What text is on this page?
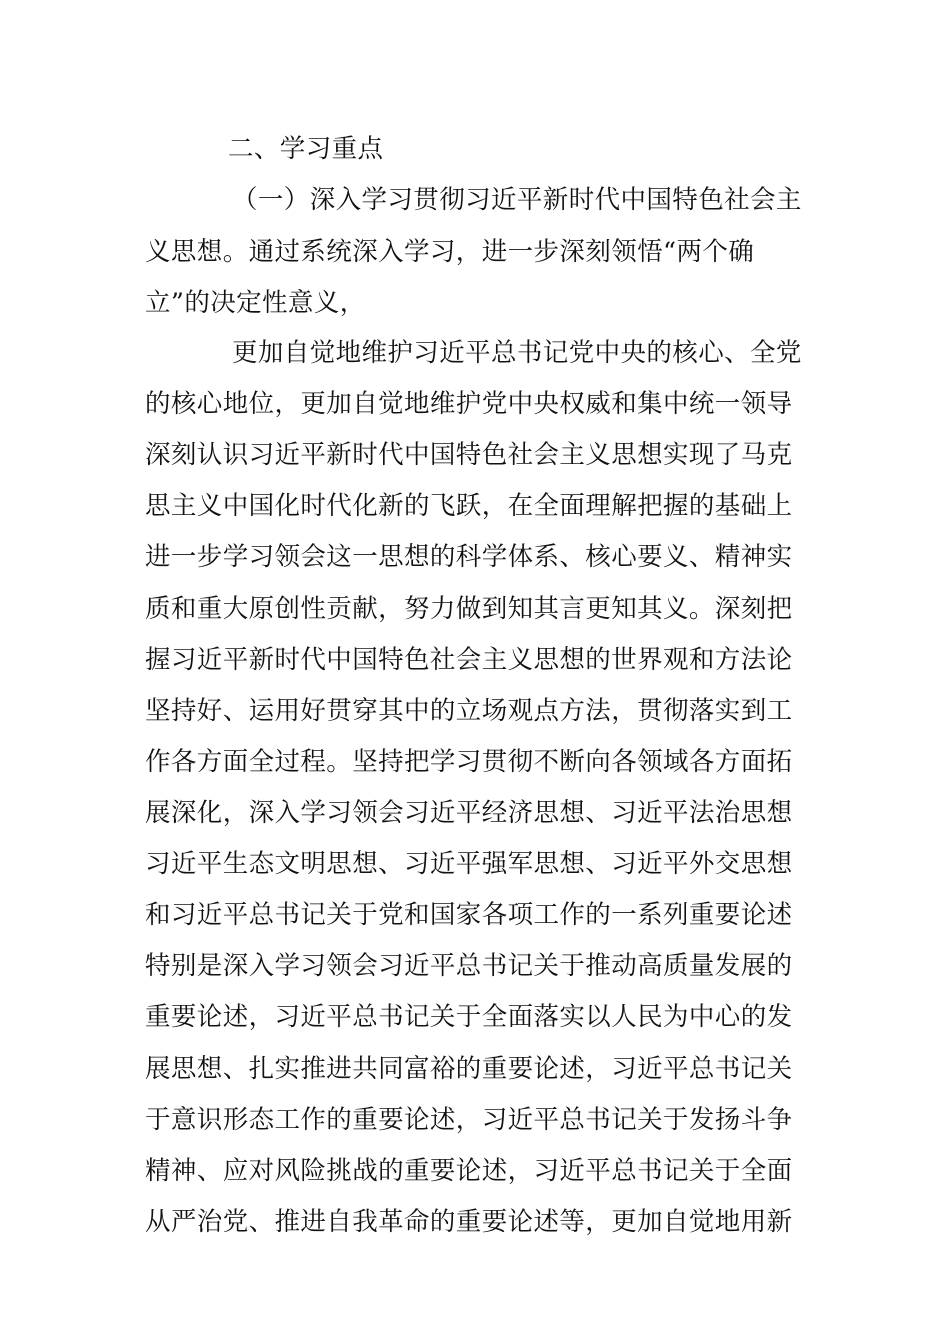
二、学习重点
（一）深入学习贯彻习近平新时代中国特色社会主
义思想。通过系统深入学习，进一步深刻领悟“两个确
立”的决定性意义，
更加自觉地维护习近平总书记党中央的核心、全党
的核心地位，更加自觉地维护党中央权威和集中统一领导
深刻认识习近平新时代中国特色社会主义思想实现了马克
思主义中国化时代化新的飞跃，在全面理解把握的基础上
进一步学习领会这一思想的科学体系、核心要义、精神实
质和重大原创性贡献，努力做到知其言更知其义。深刻把
握习近平新时代中国特色社会主义思想的世界观和方法论
坚持好、运用好贯穿其中的立场观点方法，贯彻落实到工
作各方面全过程。坚持把学习贯彻不断向各领域各方面拓
展深化，深入学习领会习近平经济思想、习近平法治思想
习近平生态文明思想、习近平强军思想、习近平外交思想
和习近平总书记关于党和国家各项工作的一系列重要论述
特别是深入学习领会习近平总书记关于推动高质量发展的
重要论述，习近平总书记关于全面落实以人民为中心的发
展思想、扎实推进共同富裕的重要论述，习近平总书记关
于意识形态工作的重要论述，习近平总书记关于发扬斗争
精神、应对风险挑战的重要论述，习近平总书记关于全面
从严治党、推进自我革命的重要论述等，更加自觉地用新
